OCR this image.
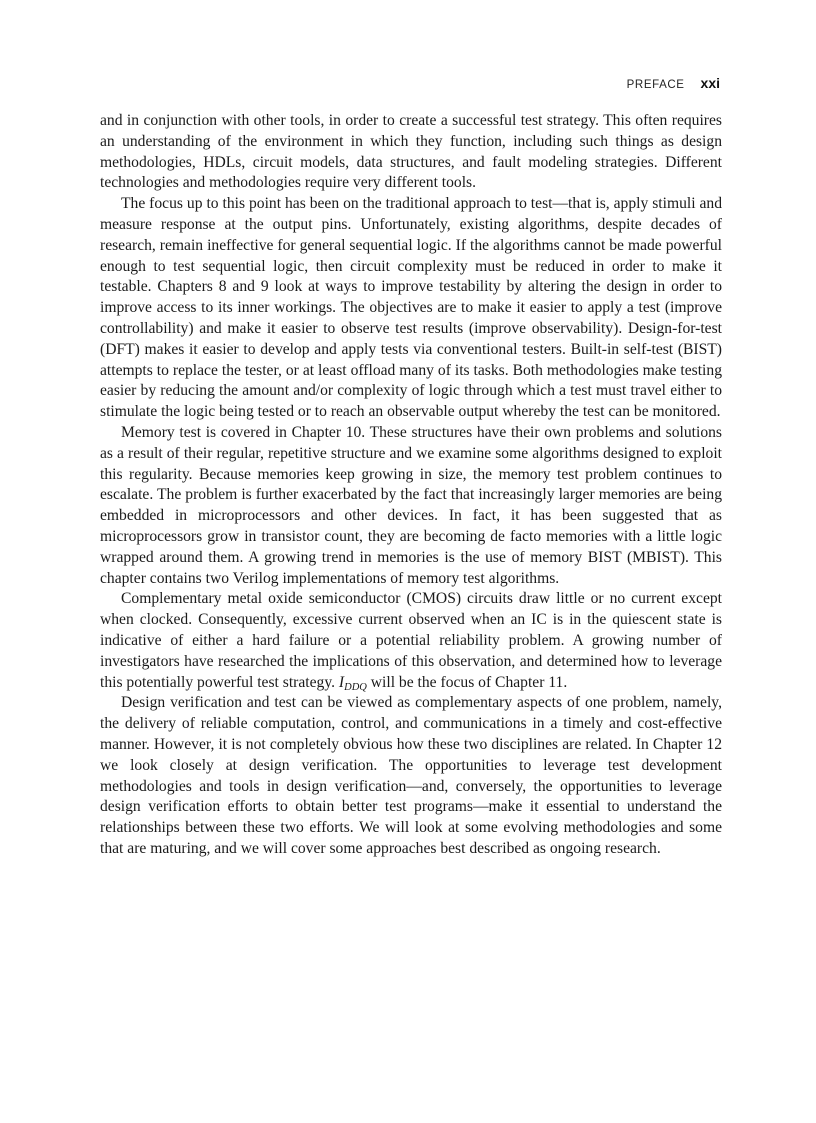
PREFACE xxi

and in conjunction with other tools, in order to create a successful test strategy. This often requires an understanding of the environment in which they function, including such things as design methodologies, HDLs, circuit models, data structures, and fault modeling strategies. Different technologies and methodologies require very different tools.

The focus up to this point has been on the traditional approach to test—that is, apply stimuli and measure response at the output pins. Unfortunately, existing algorithms, despite decades of research, remain ineffective for general sequential logic. If the algorithms cannot be made powerful enough to test sequential logic, then circuit complexity must be reduced in order to make it testable. Chapters 8 and 9 look at ways to improve testability by altering the design in order to improve access to its inner workings. The objectives are to make it easier to apply a test (improve controllability) and make it easier to observe test results (improve observability). Design-for-test (DFT) makes it easier to develop and apply tests via conventional testers. Built-in self-test (BIST) attempts to replace the tester, or at least offload many of its tasks. Both methodologies make testing easier by reducing the amount and/or complexity of logic through which a test must travel either to stimulate the logic being tested or to reach an observable output whereby the test can be monitored.

Memory test is covered in Chapter 10. These structures have their own problems and solutions as a result of their regular, repetitive structure and we examine some algorithms designed to exploit this regularity. Because memories keep growing in size, the memory test problem continues to escalate. The problem is further exacerbated by the fact that increasingly larger memories are being embedded in microprocessors and other devices. In fact, it has been suggested that as microprocessors grow in transistor count, they are becoming de facto memories with a little logic wrapped around them. A growing trend in memories is the use of memory BIST (MBIST). This chapter contains two Verilog implementations of memory test algorithms.

Complementary metal oxide semiconductor (CMOS) circuits draw little or no current except when clocked. Consequently, excessive current observed when an IC is in the quiescent state is indicative of either a hard failure or a potential reliability problem. A growing number of investigators have researched the implications of this observation, and determined how to leverage this potentially powerful test strategy. $I_{DDQ}$ will be the focus of Chapter 11.

Design verification and test can be viewed as complementary aspects of one problem, namely, the delivery of reliable computation, control, and communications in a timely and cost-effective manner. However, it is not completely obvious how these two disciplines are related. In Chapter 12 we look closely at design verification. The opportunities to leverage test development methodologies and tools in design verification—and, conversely, the opportunities to leverage design verification efforts to obtain better test programs—make it essential to understand the relationships between these two efforts. We will look at some evolving methodologies and some that are maturing, and we will cover some approaches best described as ongoing research.
